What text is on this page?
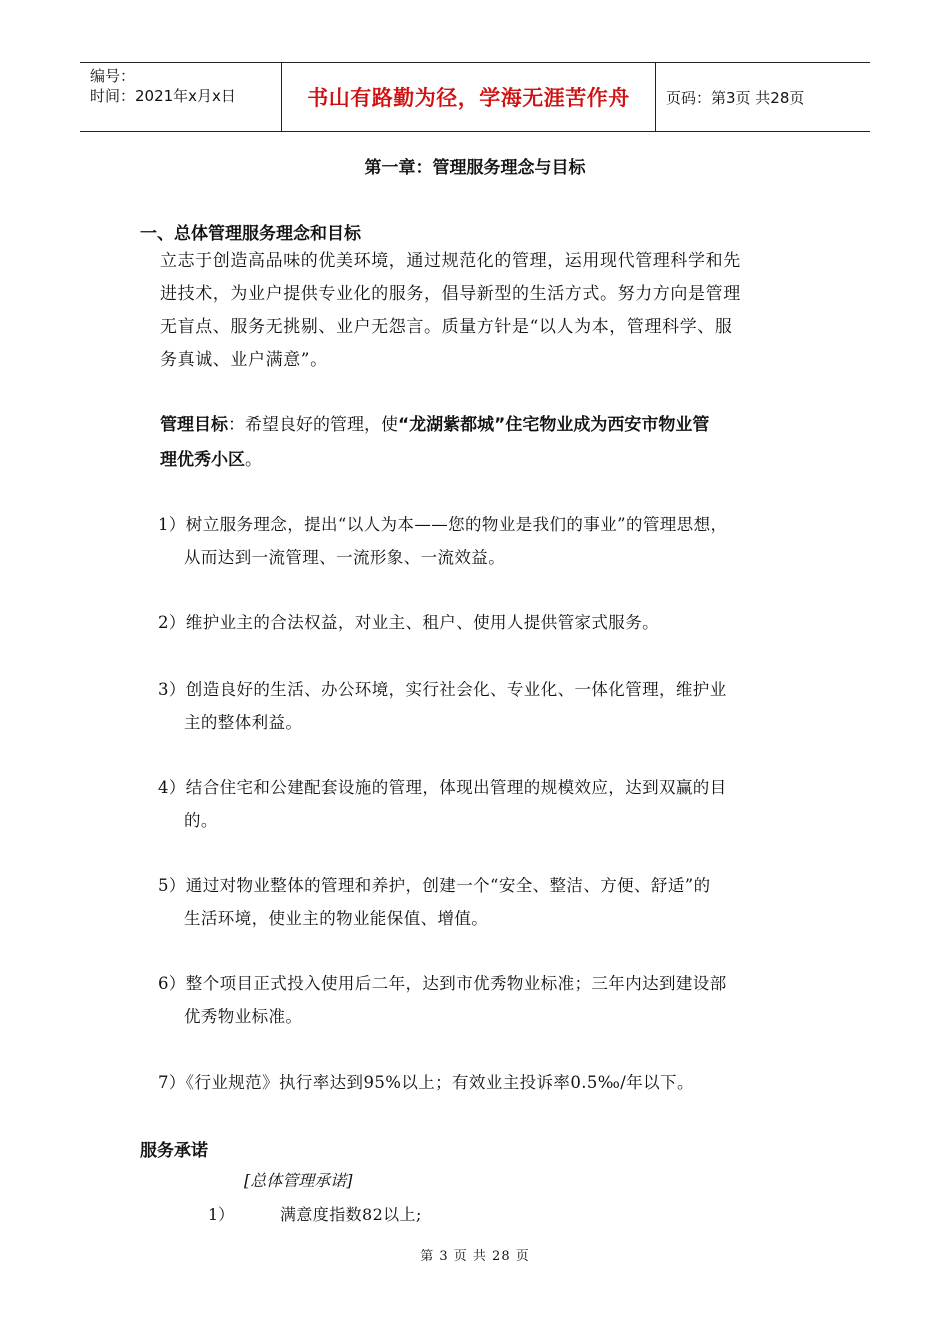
编号：
时间：2021年x月x日	书山有路勤为径，学海无涯苦作舟	页码：第3页 共28页
第一章：管理服务理念与目标
一、总体管理服务理念和目标
立志于创造高品味的优美环境，通过规范化的管理，运用现代管理科学和先
进技术，为业户提供专业化的服务，倡导新型的生活方式。努力方向是管理
无盲点、服务无挑剔、业户无怨言。质量方针是“以人为本，管理科学、服
务真诚、业户满意”。
管理目标：希望良好的管理，使“龙湖紫都城”住宅物业成为西安市物业管
理优秀小区。
1）树立服务理念，提出“以人为本——您的物业是我们的事业”的管理思想，
从而达到一流管理、一流形象、一流效益。
2）维护业主的合法权益，对业主、租户、使用人提供管家式服务。
3）创造良好的生活、办公环境，实行社会化、专业化、一体化管理，维护业
主的整体利益。
4）结合住宅和公建配套设施的管理，体现出管理的规模效应，达到双赢的目
的。
5）通过对物业整体的管理和养护，创建一个“安全、整洁、方便、舒适”的
生活环境，使业主的物业能保值、增值。
6）整个项目正式投入使用后二年，达到市优秀物业标准；三年内达到建设部
优秀物业标准。
7）《行业规范》执行率达到95%以上；有效业主投诉率0.5‰/年以下。
服务承诺
[总体管理承诺]
1）	满意度指数82以上;
第 3 页 共 28 页
